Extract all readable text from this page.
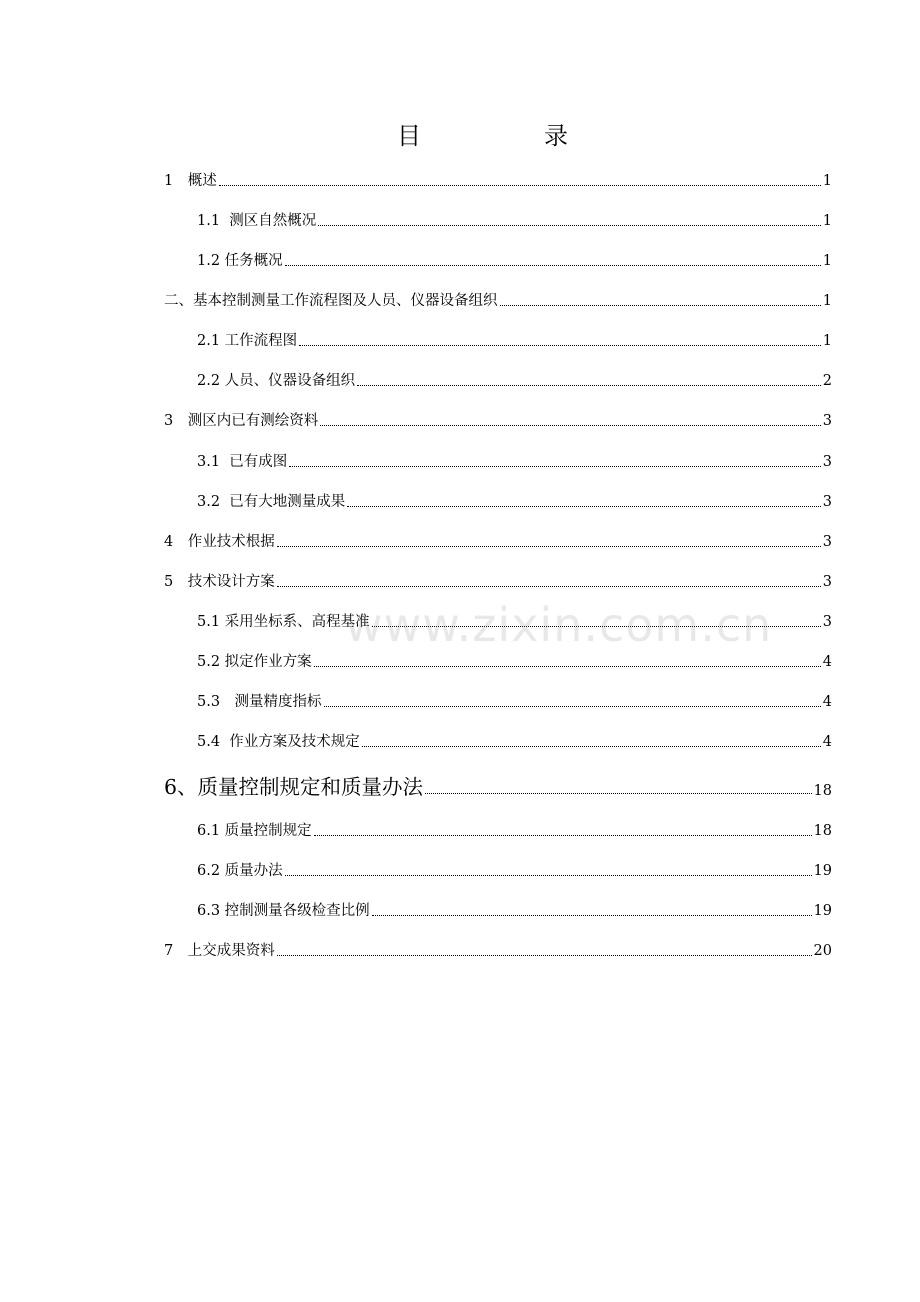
目	录
1　概述	1
1.1  测区自然概况	1
1.2 任务概况	1
二、基本控制测量工作流程图及人员、仪器设备组织	1
2.1 工作流程图	1
2.2 人员、仪器设备组织	2
3　测区内已有测绘资料	3
3.1  已有成图	3
3.2  已有大地测量成果	3
4　作业技术根据	3
5　技术设计方案	3
5.1 采用坐标系、高程基准	3
5.2 拟定作业方案	4
5.3　测量精度指标	4
5.4  作业方案及技术规定	4
6、质量控制规定和质量办法	18
6.1 质量控制规定	18
6.2 质量办法	19
6.3 控制测量各级检查比例	19
7　上交成果资料	20
www.zixin.com.cn
